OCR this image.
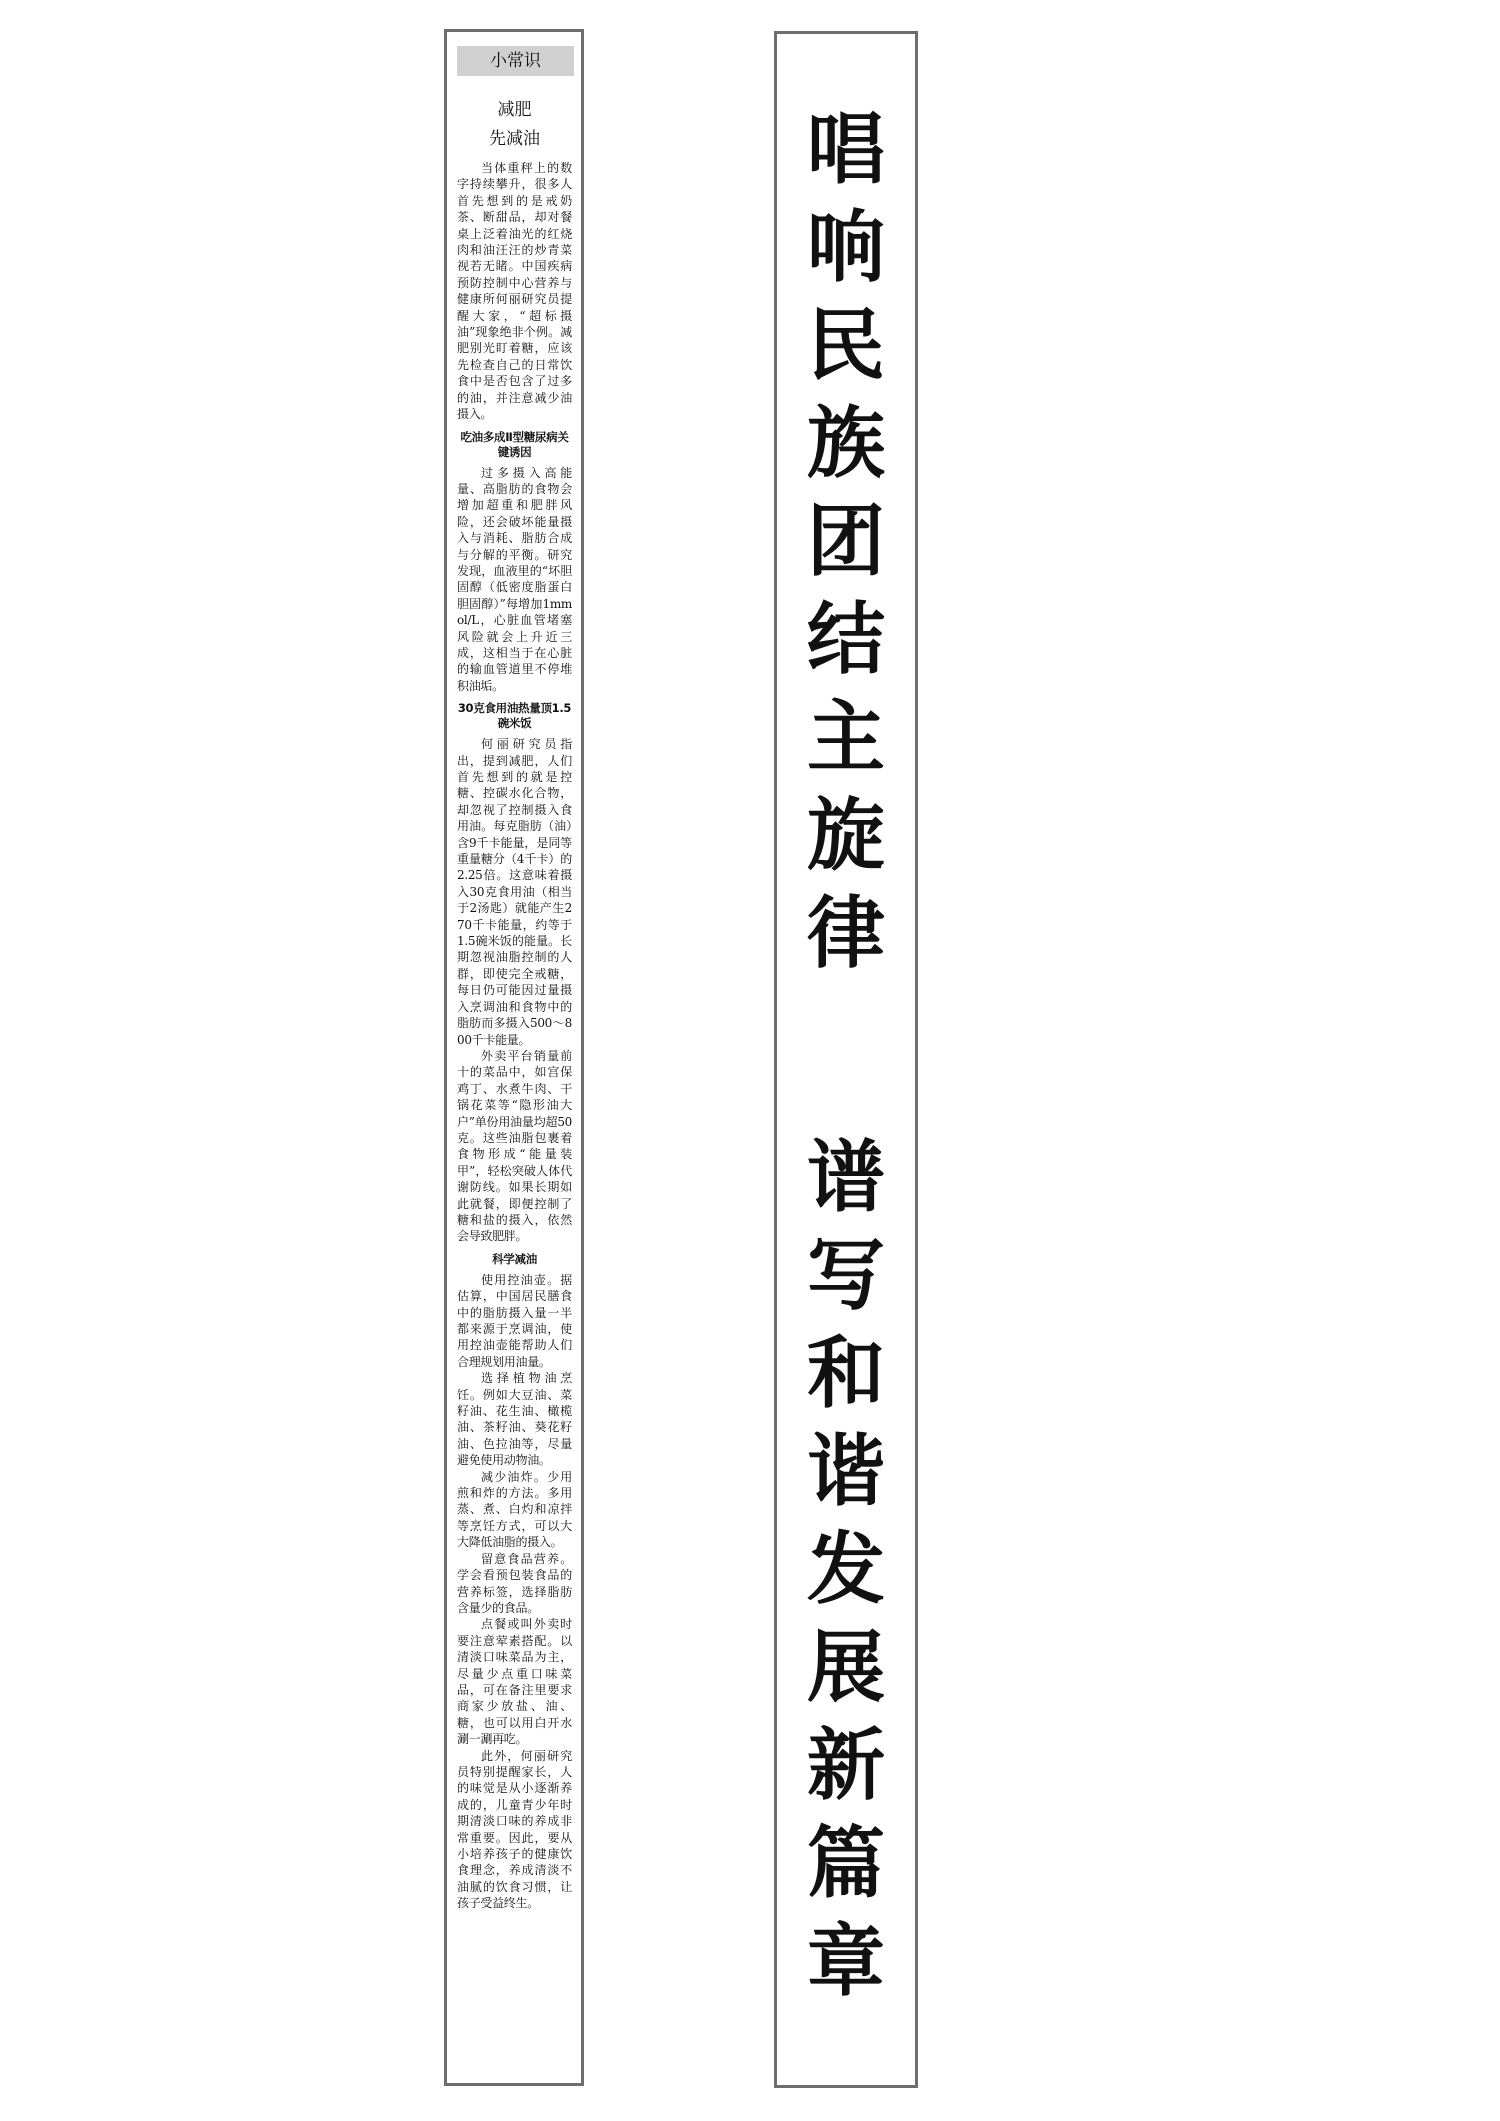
小常识
减肥
先减油

当体重秤上的数字持续攀升，很多人首先想到的是戒奶茶、断甜品，却对餐桌上泛着油光的红烧肉和油汪汪的炒青菜视若无睹。中国疾病预防控制中心营养与健康所何丽研究员提醒大家，“超标摄油”现象绝非个例。减肥别光盯着糖，应该先检查自己的日常饮食中是否包含了过多的油，并注意减少油摄入。

吃油多成Ⅱ型糖尿病关键诱因

过多摄入高能量、高脂肪的食物会增加超重和肥胖风险，还会破坏能量摄入与消耗、脂肪合成与分解的平衡。研究发现，血液里的“坏胆固醇（低密度脂蛋白胆固醇）”每增加1mmol/L，心脏血管堵塞风险就会上升近三成，这相当于在心脏的输血管道里不停堆积油垢。

30克食用油热量顶1.5碗米饭

何丽研究员指出，提到减肥，人们首先想到的就是控糖、控碳水化合物，却忽视了控制摄入食用油。每克脂肪（油）含9千卡能量，是同等重量糖分（4千卡）的2.25倍。这意味着摄入30克食用油（相当于2汤匙）就能产生270千卡能量，约等于1.5碗米饭的能量。长期忽视油脂控制的人群，即使完全戒糖，每日仍可能因过量摄入烹调油和食物中的脂肪而多摄入500～800千卡能量。

外卖平台销量前十的菜品中，如宫保鸡丁、水煮牛肉、干锅花菜等“隐形油大户”单份用油量均超50克。这些油脂包裹着食物形成“能量装甲”，轻松突破人体代谢防线。如果长期如此就餐，即便控制了糖和盐的摄入，依然会导致肥胖。

科学减油

使用控油壶。据估算，中国居民膳食中的脂肪摄入量一半都来源于烹调油，使用控油壶能帮助人们合理规划用油量。

选择植物油烹饪。例如大豆油、菜籽油、花生油、橄榄油、茶籽油、葵花籽油、色拉油等，尽量避免使用动物油。

减少油炸。少用煎和炸的方法。多用蒸、煮、白灼和凉拌等烹饪方式，可以大大降低油脂的摄入。

留意食品营养。学会看预包装食品的营养标签，选择脂肪含量少的食品。

点餐或叫外卖时要注意荤素搭配。以清淡口味菜品为主，尽量少点重口味菜品，可在备注里要求商家少放盐、油、糖，也可以用白开水涮一涮再吃。

此外，何丽研究员特别提醒家长，人的味觉是从小逐渐养成的，儿童青少年时期清淡口味的养成非常重要。因此，要从小培养孩子的健康饮食理念，养成清淡不油腻的饮食习惯，让孩子受益终生。

唱
响
民
族
团
结
主
旋
律
谱
写
和
谐
发
展
新
篇
章
